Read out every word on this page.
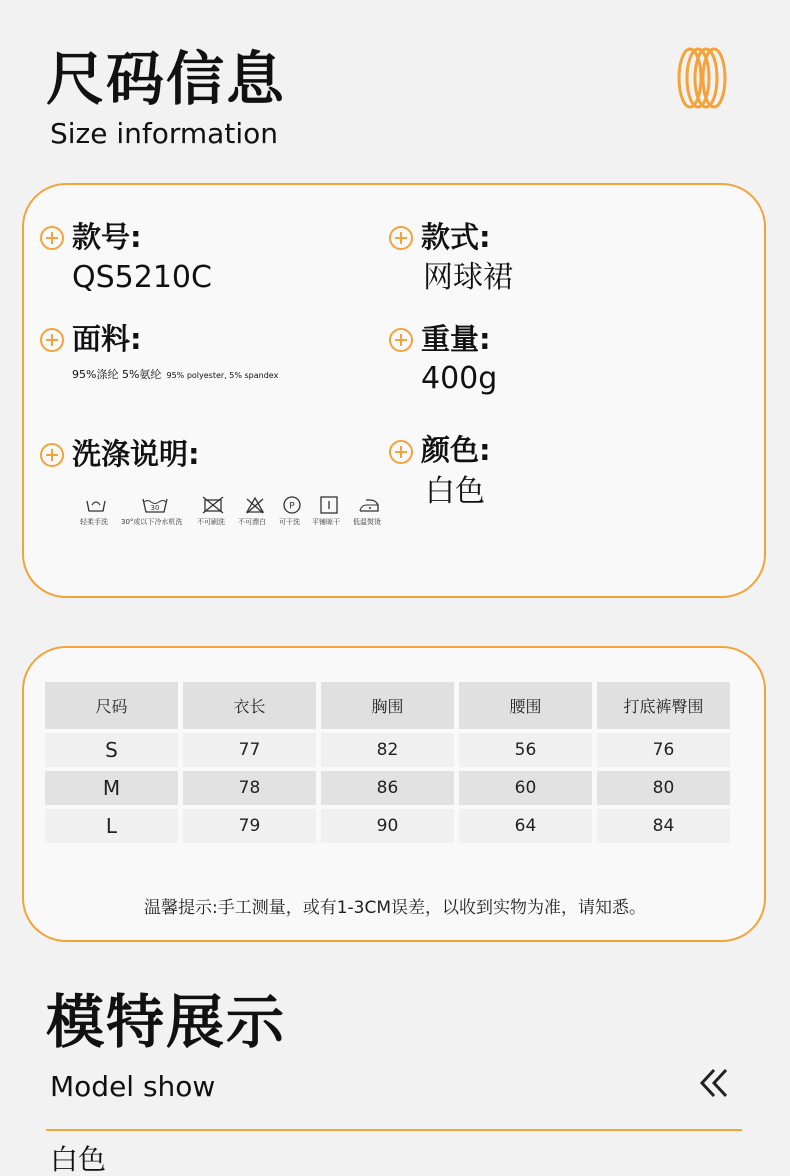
尺码信息
Size information
款号:
QS5210C
款式:
网球裙
面料:
95%涤纶 5%氨纶 95% polyester, 5% spandex
重量:
400g
洗涤说明:	颜色:
白色
30	P
轻柔手洗 30°或以下冷水机洗 不可刷洗 不可漂白 可干洗 平铺晾干 低温熨烫
尺码	衣长	胸围	腰围	打底裤臀围
S	77	82	56	76
M	78	86	60	80
L	79	90	64	84
温馨提示:手工测量，或有1-3CM误差，以收到实物为准，请知悉。
模特展示
Model show
白色
